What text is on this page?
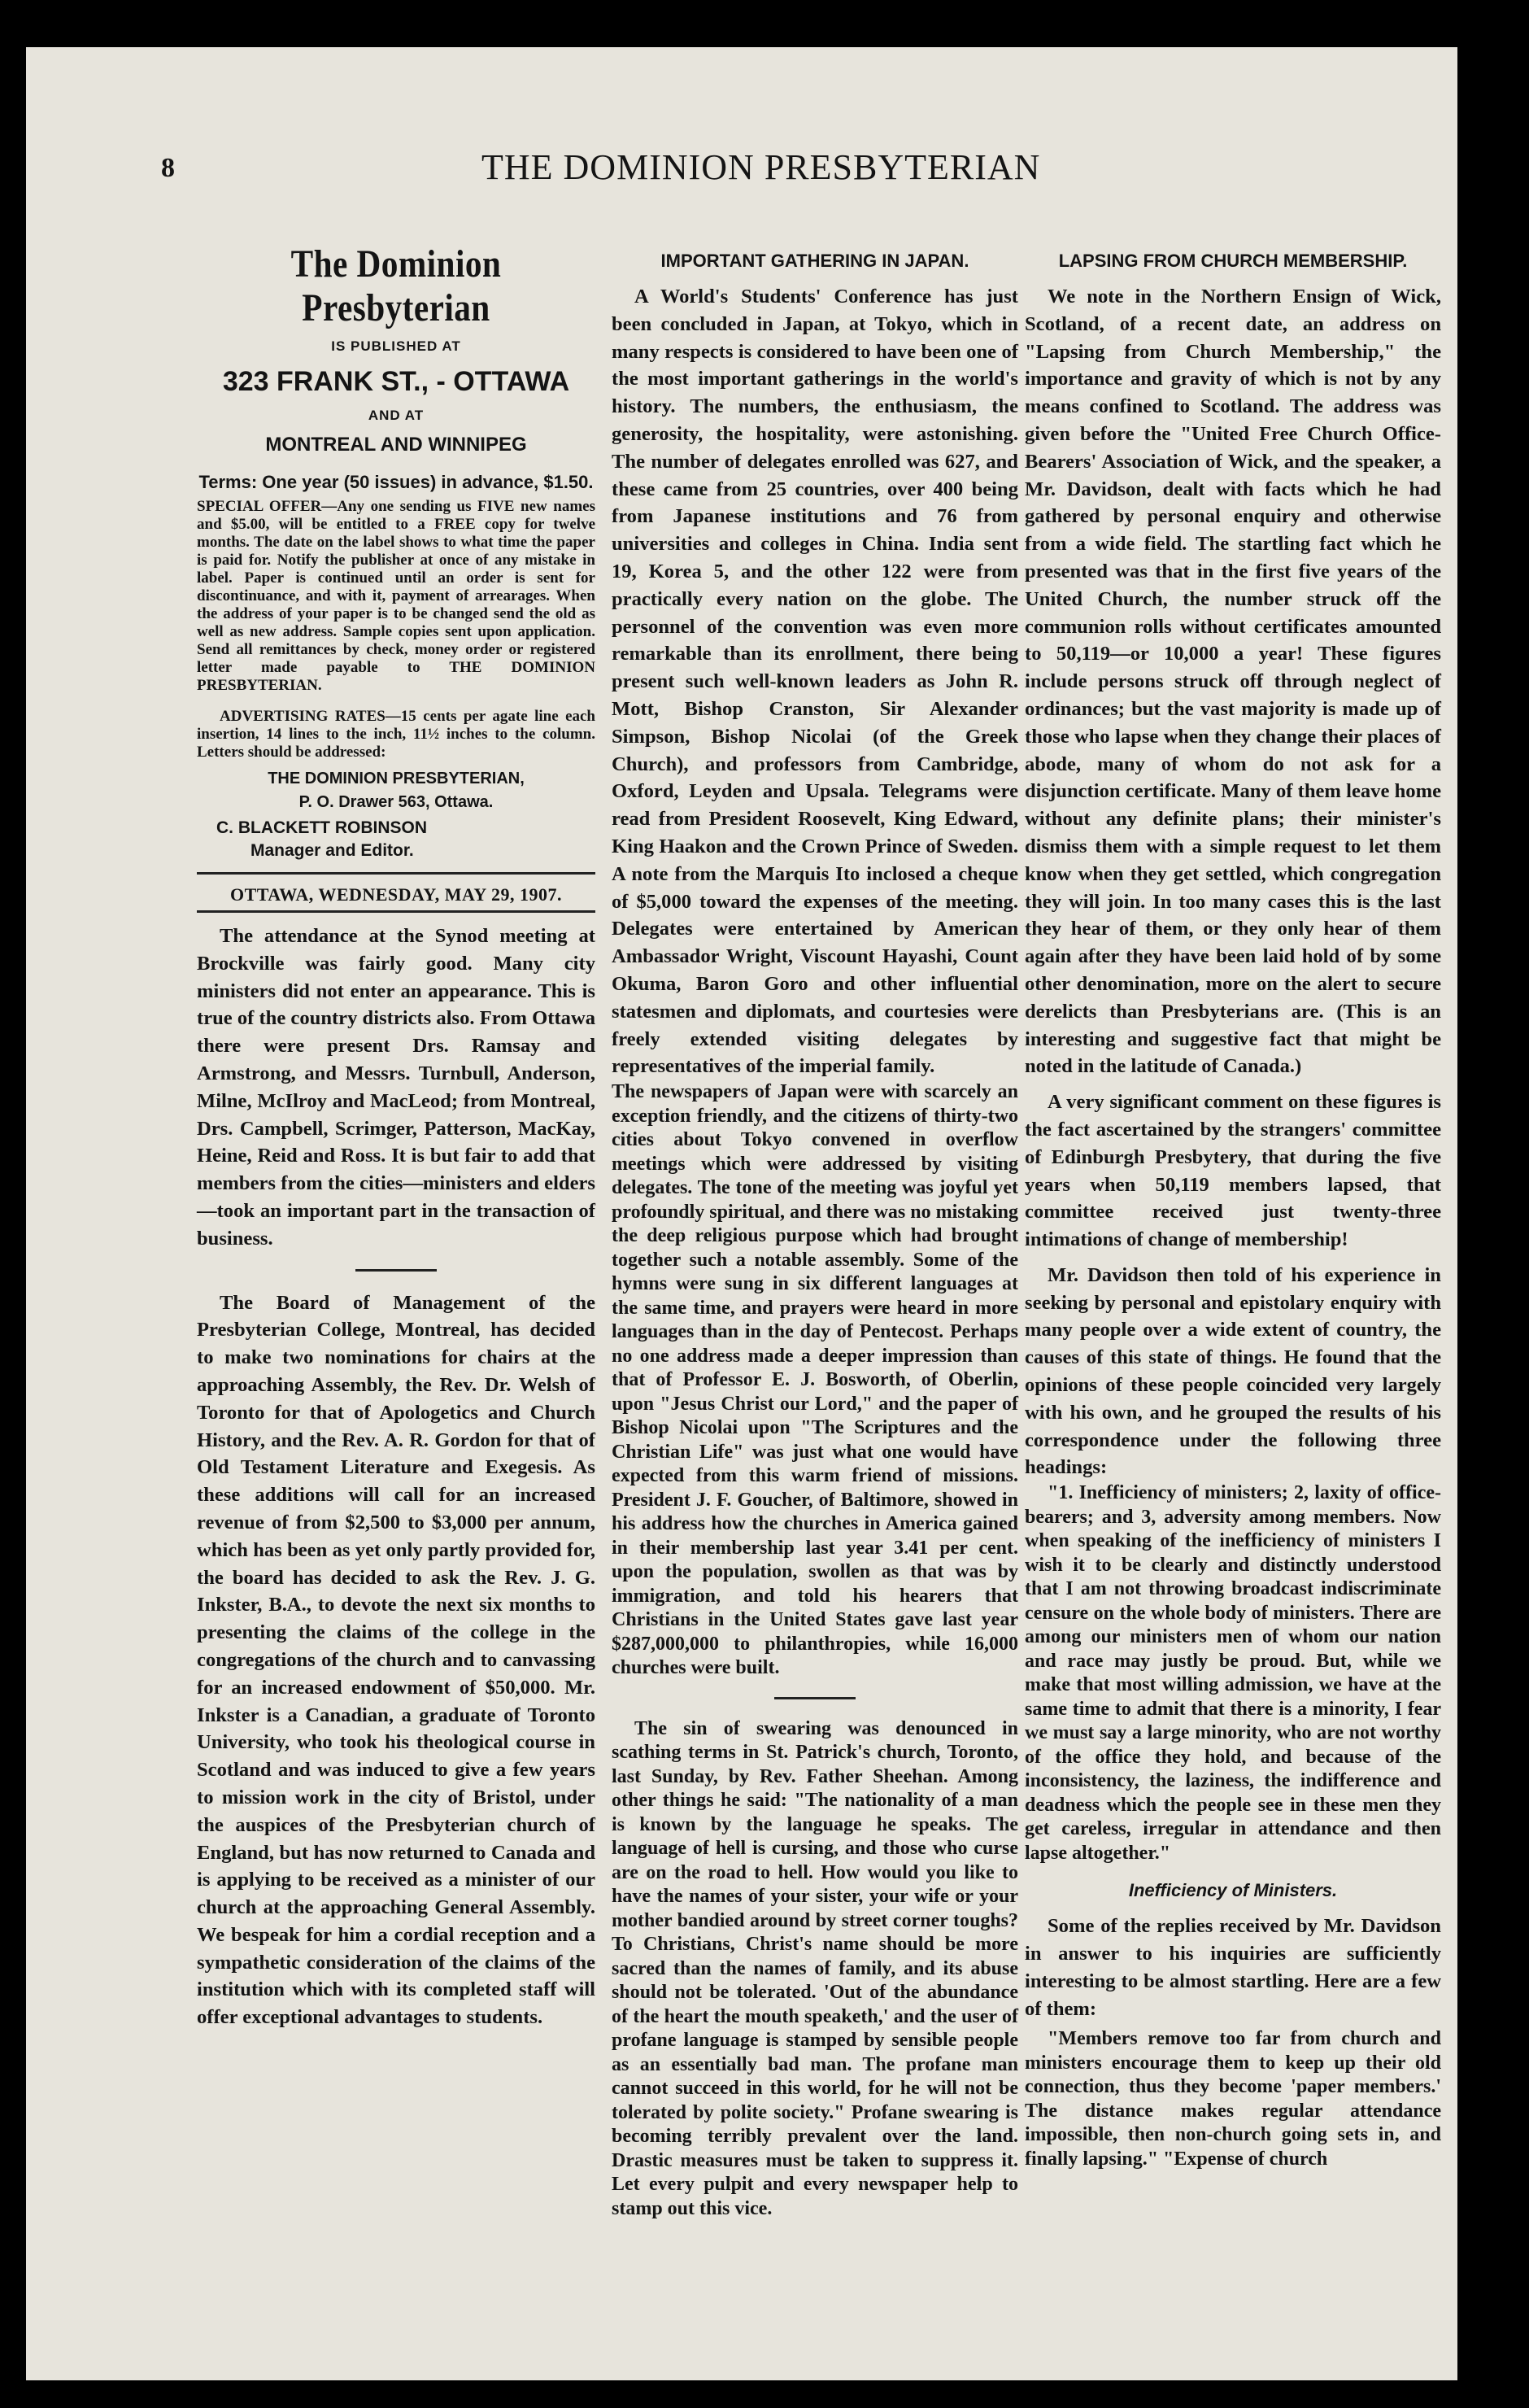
8	THE DOMINION PRESBYTERIAN
The Dominion Presbyterian
IS PUBLISHED AT
323 FRANK ST., - OTTAWA
AND AT
MONTREAL AND WINNIPEG
Terms: One year (50 issues) in advance, $1.50.

SPECIAL OFFER—Any one sending us FIVE new names and $5.00, will be entitled to a FREE copy for twelve months. The date on the label shows to what time the paper is paid for. Notify the publisher at once of any mistake in label. Paper is continued until an order is sent for discontinuance, and with it, payment of arrearages. When the address of your paper is to be changed send the old as well as new address. Sample copies sent upon application. Send all remittances by check, money order or registered letter made payable to THE DOMINION PRESBYTERIAN.

ADVERTISING RATES—15 cents per agate line each insertion, 14 lines to the inch, 11½ inches to the column. Letters should be addressed:

THE DOMINION PRESBYTERIAN,
P. O. Drawer 563, Ottawa.
C. BLACKETT ROBINSON
Manager and Editor.
OTTAWA, WEDNESDAY, MAY 29, 1907.

The attendance at the Synod meeting at Brockville was fairly good. Many city ministers did not enter an appearance. This is true of the country districts also. From Ottawa there were present Drs. Ramsay and Armstrong, and Messrs. Turnbull, Anderson, Milne, McIlroy and MacLeod; from Montreal, Drs. Campbell, Scrimger, Patterson, MacKay, Heine, Reid and Ross. It is but fair to add that members from the cities—ministers and elders—took an important part in the transaction of business.

The Board of Management of the Presbyterian College, Montreal, has decided to make two nominations for chairs at the approaching Assembly, the Rev. Dr. Welsh of Toronto for that of Apologetics and Church History, and the Rev. A. R. Gordon for that of Old Testament Literature and Exegesis. As these additions will call for an increased revenue of from $2,500 to $3,000 per annum, which has been as yet only partly provided for, the board has decided to ask the Rev. J. G. Inkster, B.A., to devote the next six months to presenting the claims of the college in the congregations of the church and to canvassing for an increased endowment of $50,000. Mr. Inkster is a Canadian, a graduate of Toronto University, who took his theological course in Scotland and was induced to give a few years to mission work in the city of Bristol, under the auspices of the Presbyterian church of England, but has now returned to Canada and is applying to be received as a minister of our church at the approaching General Assembly. We bespeak for him a cordial reception and a sympathetic consideration of the claims of the institution which with its completed staff will offer exceptional advantages to students.

IMPORTANT GATHERING IN JAPAN.

A World's Students' Conference has just been concluded in Japan, at Tokyo, which in many respects is considered to have been one of the most important gatherings in the world's history. The numbers, the enthusiasm, the generosity, the hospitality, were astonishing. The number of delegates enrolled was 627, and these came from 25 countries, over 400 being from Japanese institutions and 76 from universities and colleges in China. India sent 19, Korea 5, and the other 122 were from practically every nation on the globe. The personnel of the convention was even more remarkable than its enrollment, there being present such well-known leaders as John R. Mott, Bishop Cranston, Sir Alexander Simpson, Bishop Nicolai (of the Greek Church), and professors from Cambridge, Oxford, Leyden and Upsala. Telegrams were read from President Roosevelt, King Edward, King Haakon and the Crown Prince of Sweden. A note from the Marquis Ito inclosed a cheque of $5,000 toward the expenses of the meeting. Delegates were entertained by American Ambassador Wright, Viscount Hayashi, Count Okuma, Baron Goro and other influential statesmen and diplomats, and courtesies were freely extended visiting delegates by representatives of the imperial family.

The newspapers of Japan were with scarcely an exception friendly, and the citizens of thirty-two cities about Tokyo convened in overflow meetings which were addressed by visiting delegates. The tone of the meeting was joyful yet profoundly spiritual, and there was no mistaking the deep religious purpose which had brought together such a notable assembly. Some of the hymns were sung in six different languages at the same time, and prayers were heard in more languages than in the day of Pentecost. Perhaps no one address made a deeper impression than that of Professor E. J. Bosworth, of Oberlin, upon "Jesus Christ our Lord," and the paper of Bishop Nicolai upon "The Scriptures and the Christian Life" was just what one would have expected from this warm friend of missions. President J. F. Goucher, of Baltimore, showed in his address how the churches in America gained in their membership last year 3.41 per cent. upon the population, swollen as that was by immigration, and told his hearers that Christians in the United States gave last year $287,000,000 to philanthropies, while 16,000 churches were built.

The sin of swearing was denounced in scathing terms in St. Patrick's church, Toronto, last Sunday, by Rev. Father Sheehan. Among other things he said: "The nationality of a man is known by the language he speaks. The language of hell is cursing, and those who curse are on the road to hell. How would you like to have the names of your sister, your wife or your mother bandied around by street corner toughs? To Christians, Christ's name should be more sacred than the names of family, and its abuse should not be tolerated. 'Out of the abundance of the heart the mouth speaketh,' and the user of profane language is stamped by sensible people as an essentially bad man. The profane man cannot succeed in this world, for he will not be tolerated by polite society." Profane swearing is becoming terribly prevalent over the land. Drastic measures must be taken to suppress it. Let every pulpit and every newspaper help to stamp out this vice.

LAPSING FROM CHURCH MEMBERSHIP.

We note in the Northern Ensign of Wick, Scotland, of a recent date, an address on "Lapsing from Church Membership," the importance and gravity of which is not by any means confined to Scotland. The address was given before the "United Free Church Office-Bearers' Association of Wick, and the speaker, a Mr. Davidson, dealt with facts which he had gathered by personal enquiry and otherwise from a wide field. The startling fact which he presented was that in the first five years of the United Church, the number struck off the communion rolls without certificates amounted to 50,119—or 10,000 a year! These figures include persons struck off through neglect of ordinances; but the vast majority is made up of those who lapse when they change their places of abode, many of whom do not ask for a disjunction certificate. Many of them leave home without any definite plans; their minister's dismiss them with a simple request to let them know when they get settled, which congregation they will join. In too many cases this is the last they hear of them, or they only hear of them again after they have been laid hold of by some other denomination, more on the alert to secure derelicts than Presbyterians are. (This is an interesting and suggestive fact that might be noted in the latitude of Canada.)

A very significant comment on these figures is the fact ascertained by the strangers' committee of Edinburgh Presbytery, that during the five years when 50,119 members lapsed, that committee received just twenty-three intimations of change of membership!

Mr. Davidson then told of his experience in seeking by personal and epistolary enquiry with many people over a wide extent of country, the causes of this state of things. He found that the opinions of these people coincided very largely with his own, and he grouped the results of his correspondence under the following three headings:

"1. Inefficiency of ministers; 2, laxity of office-bearers; and 3, adversity among members. Now when speaking of the inefficiency of ministers I wish it to be clearly and distinctly understood that I am not throwing broadcast indiscriminate censure on the whole body of ministers. There are among our ministers men of whom our nation and race may justly be proud. But, while we make that most willing admission, we have at the same time to admit that there is a minority, I fear we must say a large minority, who are not worthy of the office they hold, and because of the inconsistency, the laziness, the indifference and deadness which the people see in these men they get careless, irregular in attendance and then lapse altogether."

Inefficiency of Ministers.

Some of the replies received by Mr. Davidson in answer to his inquiries are sufficiently interesting to be almost startling. Here are a few of them:

"Members remove too far from church and ministers encourage them to keep up their old connection, thus they become 'paper members.' The distance makes regular attendance impossible, then non-church going sets in, and finally lapsing." "Expense of church
